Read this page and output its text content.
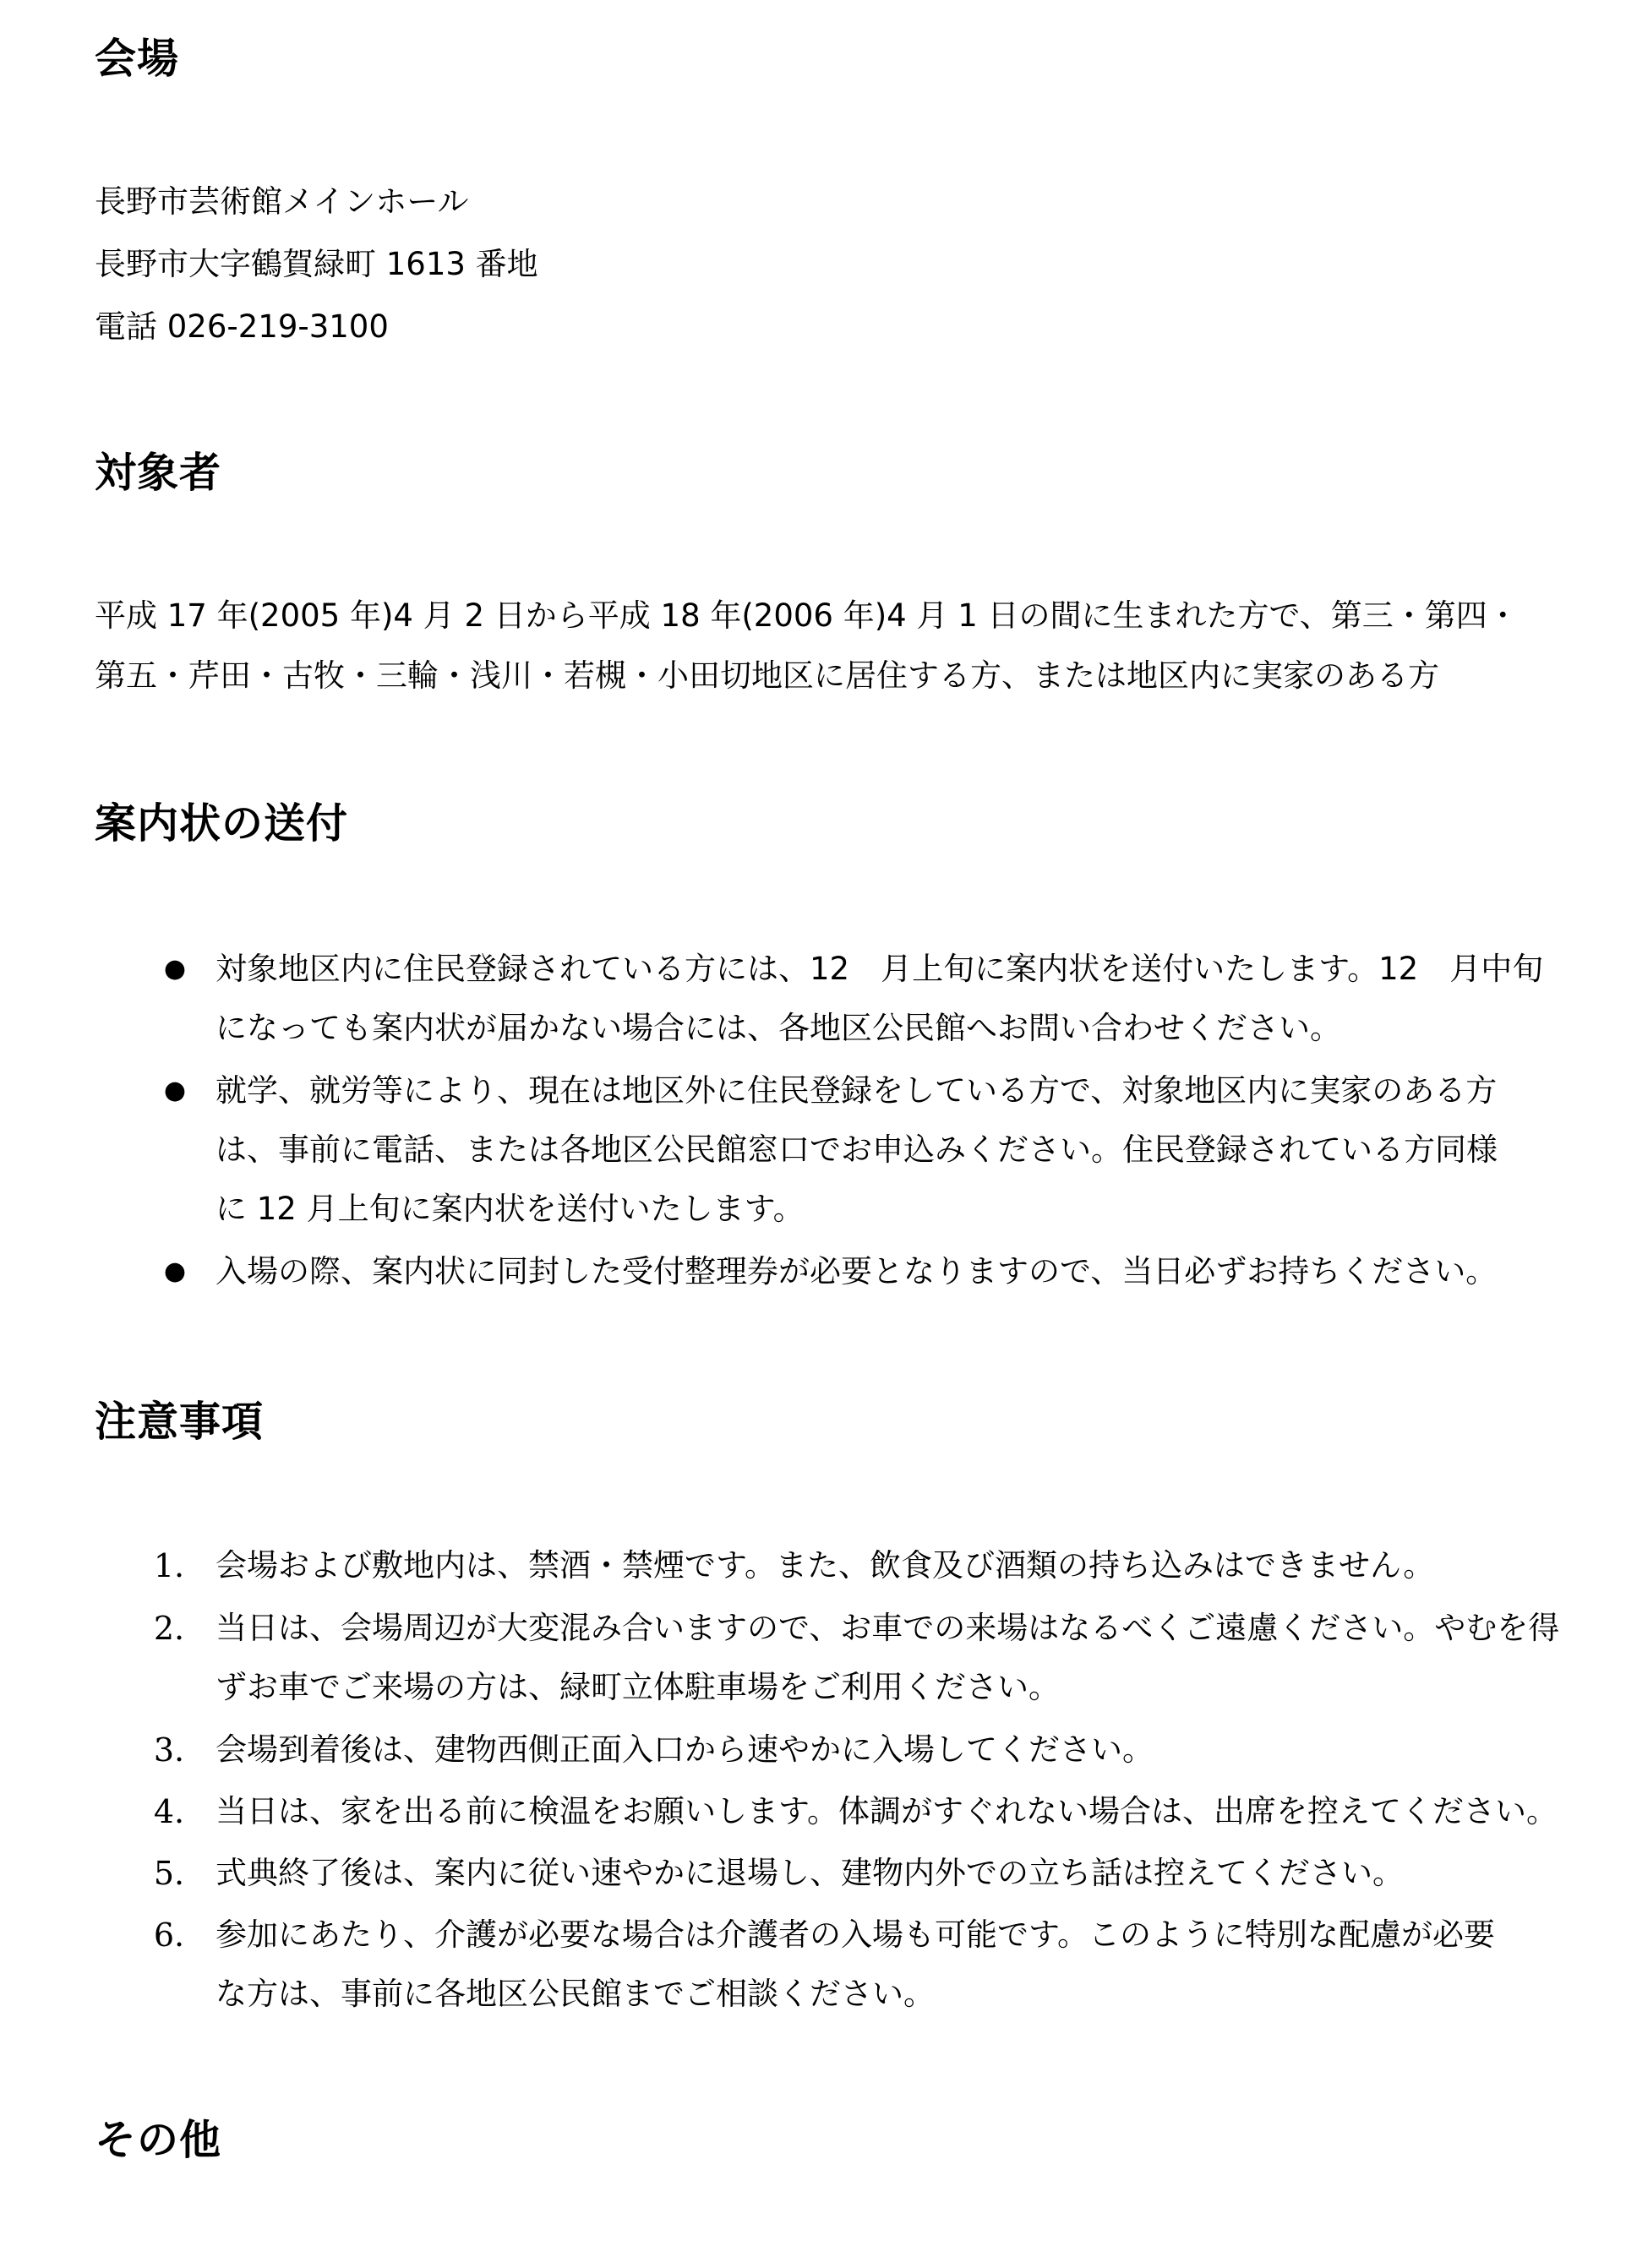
会場

長野市芸術館メインホール

長野市大字鶴賀緑町 1613 番地

電話 026-219-3100

対象者

平成 17 年(2005 年)4 月 2 日から平成 18 年(2006 年)4 月 1 日の間に生まれた方で、第三・第四・

第五・芹田・古牧・三輪・浅川・若槻・小田切地区に居住する方、または地区内に実家のある方

案内状の送付
● 対象地区内に住民登録されている方には、12　月上旬に案内状を送付いたします。12　月中旬
になっても案内状が届かない場合には、各地区公民館へお問い合わせください。
● 就学、就労等により、現在は地区外に住民登録をしている方で、対象地区内に実家のある方
は、事前に電話、または各地区公民館窓口でお申込みください。住民登録されている方同様
に 12 月上旬に案内状を送付いたします。
● 入場の際、案内状に同封した受付整理券が必要となりますので、当日必ずお持ちください。
注意事項
1. 会場および敷地内は、禁酒・禁煙です。また、飲食及び酒類の持ち込みはできません。
2. 当日は、会場周辺が大変混み合いますので、お車での来場はなるべくご遠慮ください。やむを得
ずお車でご来場の方は、緑町立体駐車場をご利用ください。
3. 会場到着後は、建物西側正面入口から速やかに入場してください。
4. 当日は、家を出る前に検温をお願いします。体調がすぐれない場合は、出席を控えてください。
5. 式典終了後は、案内に従い速やかに退場し、建物内外での立ち話は控えてください。
6. 参加にあたり、介護が必要な場合は介護者の入場も可能です。このように特別な配慮が必要
な方は、事前に各地区公民館までご相談ください。
その他
